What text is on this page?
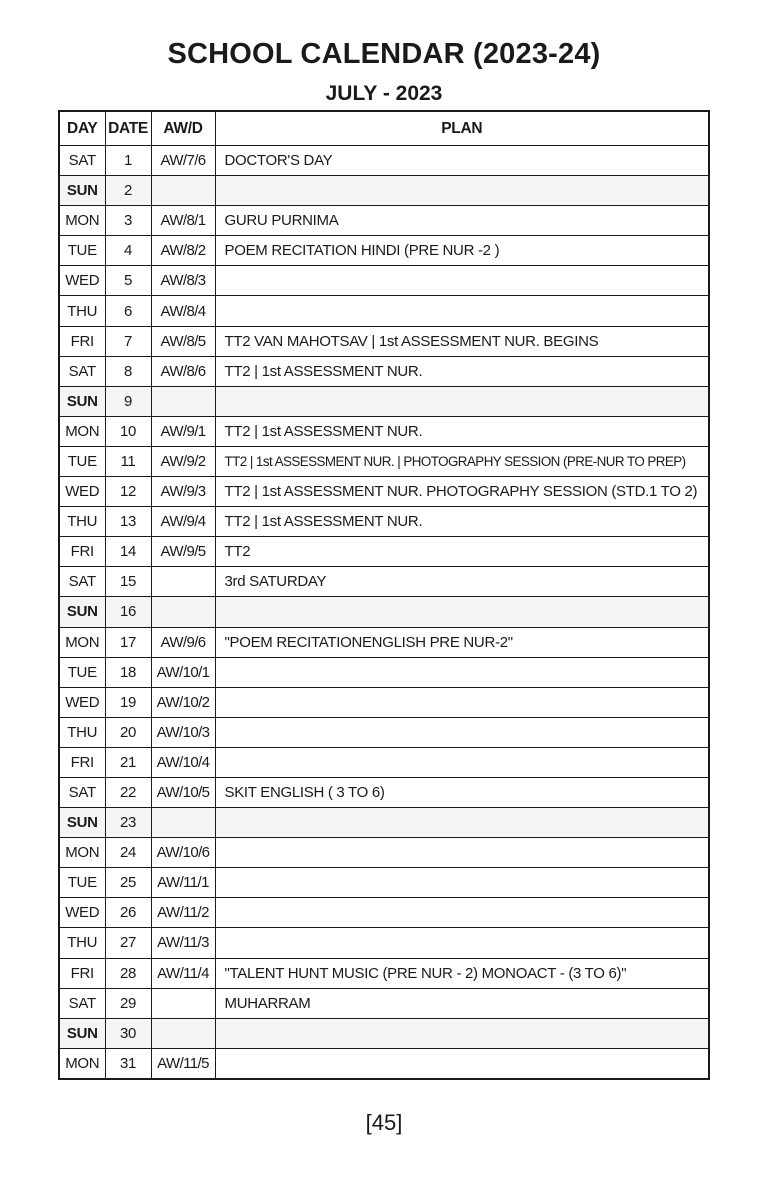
SCHOOL CALENDAR (2023-24)
JULY - 2023
DAY	DATE	AW/D	PLAN
SAT	1	AW/7/6	DOCTOR'S DAY
SUN	2		
MON	3	AW/8/1	GURU PURNIMA
TUE	4	AW/8/2	POEM RECITATION HINDI (PRE NUR -2 )
WED	5	AW/8/3	
THU	6	AW/8/4	
FRI	7	AW/8/5	TT2 VAN MAHOTSAV | 1st ASSESSMENT NUR. BEGINS
SAT	8	AW/8/6	TT2 | 1st ASSESSMENT NUR.
SUN	9		
MON	10	AW/9/1	TT2 | 1st ASSESSMENT NUR.
TUE	11	AW/9/2	TT2 | 1st ASSESSMENT NUR. | PHOTOGRAPHY SESSION (PRE-NUR TO PREP)
WED	12	AW/9/3	TT2 | 1st ASSESSMENT NUR. PHOTOGRAPHY SESSION (STD.1 TO 2)
THU	13	AW/9/4	TT2 | 1st ASSESSMENT NUR.
FRI	14	AW/9/5	TT2
SAT	15		3rd SATURDAY
SUN	16		
MON	17	AW/9/6	"POEM RECITATIONENGLISH PRE NUR-2"
TUE	18	AW/10/1	
WED	19	AW/10/2	
THU	20	AW/10/3	
FRI	21	AW/10/4	
SAT	22	AW/10/5	SKIT ENGLISH ( 3 TO 6)
SUN	23		
MON	24	AW/10/6	
TUE	25	AW/11/1	
WED	26	AW/11/2	
THU	27	AW/11/3	
FRI	28	AW/11/4	"TALENT HUNT MUSIC (PRE NUR - 2) MONOACT - (3 TO 6)"
SAT	29		MUHARRAM
SUN	30		
MON	31	AW/11/5	
[45]
